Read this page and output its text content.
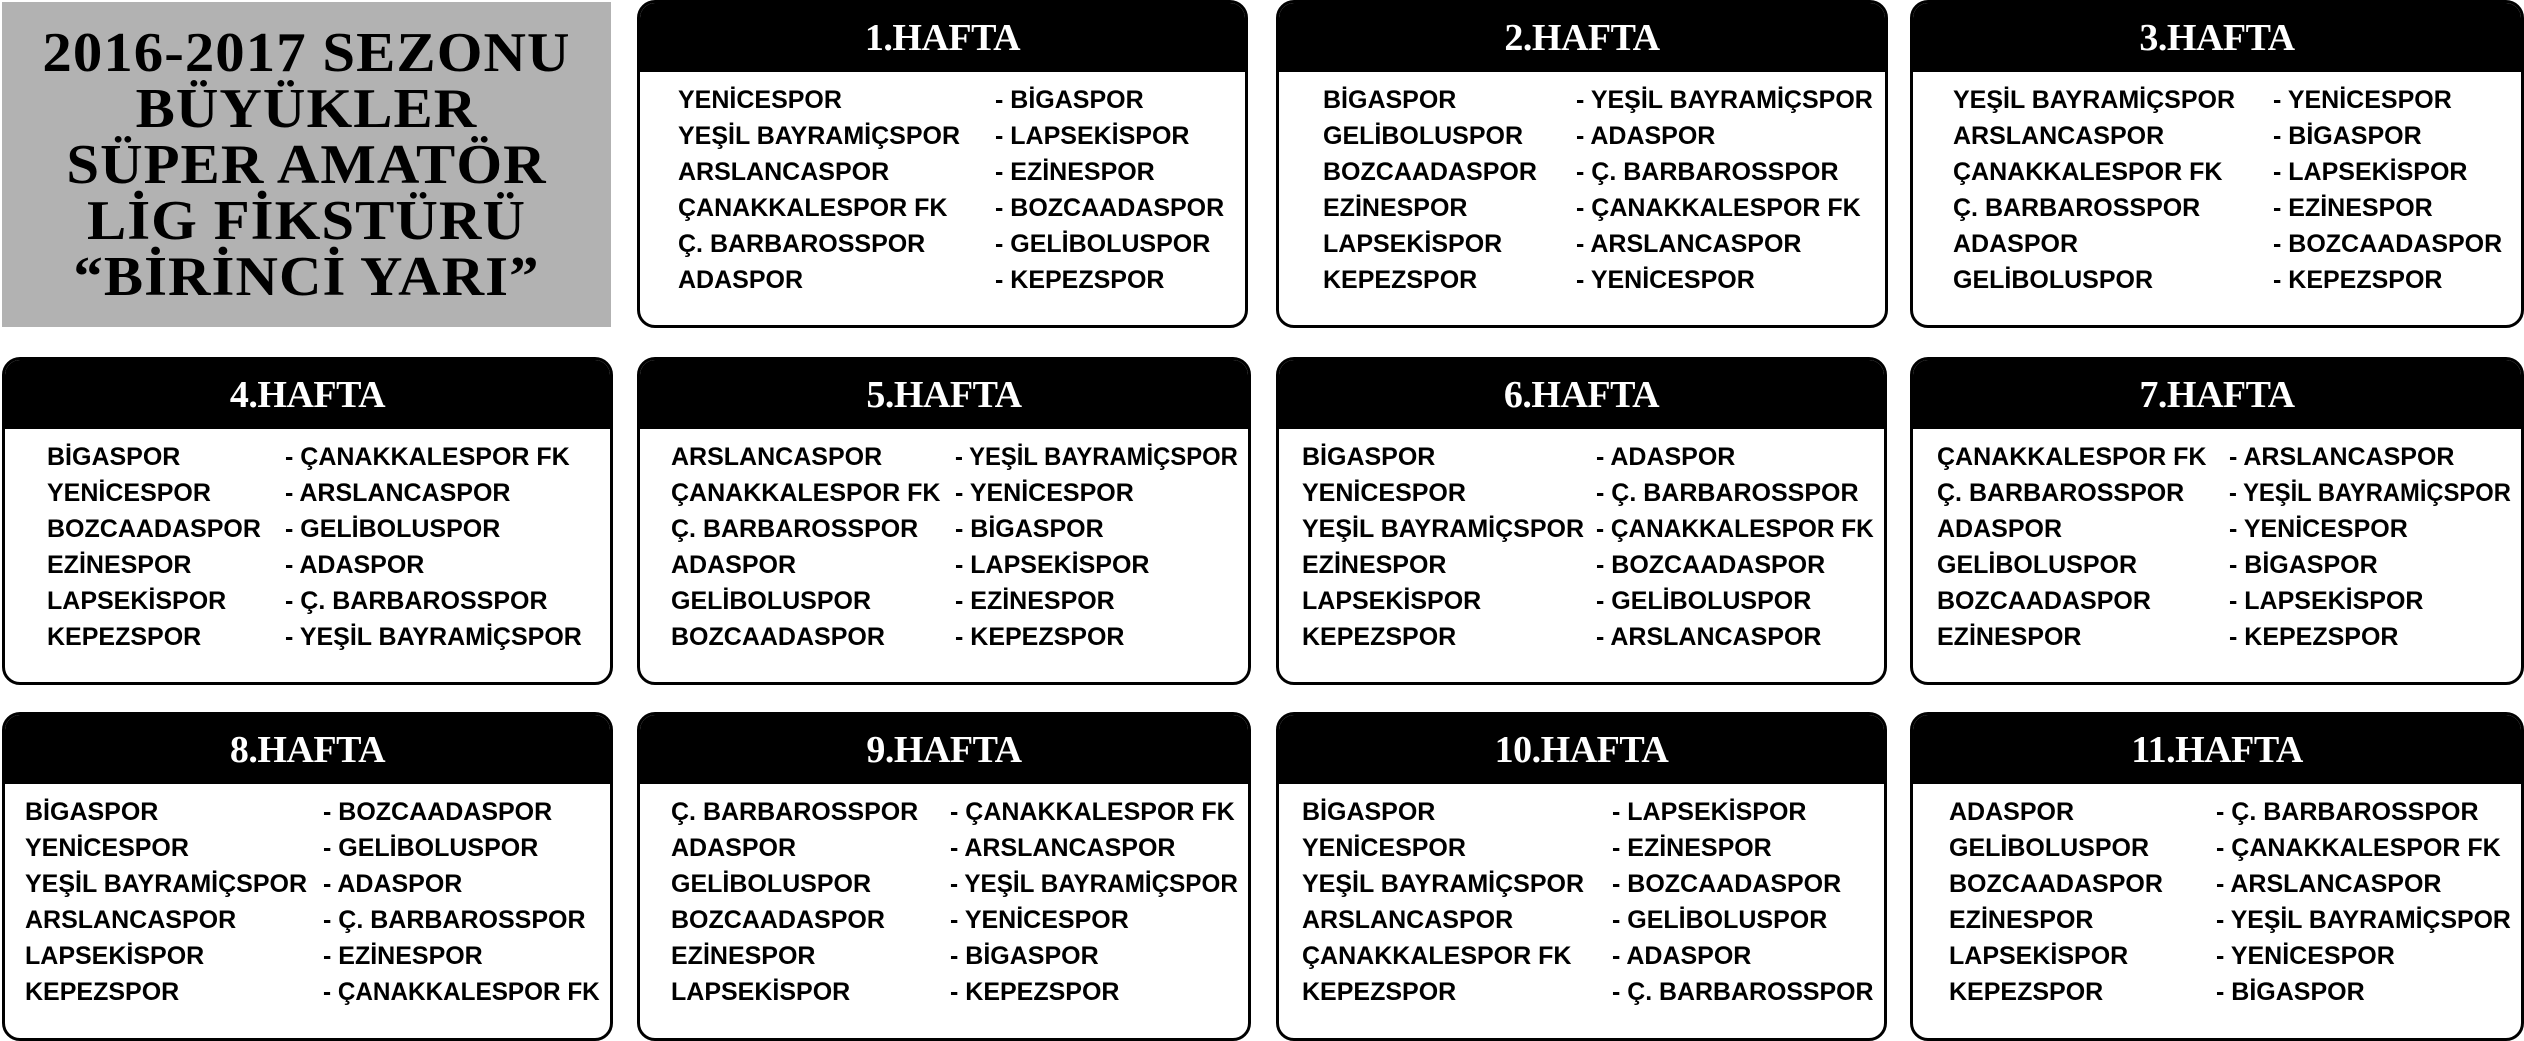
2016-2017 SEZONU
BÜYÜKLER
SÜPER AMATÖR
LİG FİKSTÜRÜ
“BİRİNCİ YARI”
1.HAFTA
YENİCESPOR	- BİGASPOR
YEŞİL BAYRAMİÇSPOR - LAPSEKİSPOR
ARSLANCASPOR	- EZİNESPOR
ÇANAKKALESPOR FK - BOZCAADASPOR
Ç. BARBAROSSPOR	- GELİBOLUSPOR
ADASPOR	- KEPEZSPOR
2.HAFTA
BİGASPOR	- YEŞİL BAYRAMİÇSPOR
GELİBOLUSPOR - ADASPOR
BOZCAADASPOR - Ç. BARBAROSSPOR
EZİNESPOR	- ÇANAKKALESPOR FK
LAPSEKİSPOR	- ARSLANCASPOR
KEPEZSPOR	- YENİCESPOR
3.HAFTA
YEŞİL BAYRAMİÇSPOR - YENİCESPOR
ARSLANCASPOR	- BİGASPOR
ÇANAKKALESPOR FK - LAPSEKİSPOR
Ç. BARBAROSSPOR	- EZİNESPOR
ADASPOR	- BOZCAADASPOR
GELİBOLUSPOR	- KEPEZSPOR
4.HAFTA
BİGASPOR	- ÇANAKKALESPOR FK
YENİCESPOR	- ARSLANCASPOR
BOZCAADASPOR - GELİBOLUSPOR
EZİNESPOR	- ADASPOR
LAPSEKİSPOR - Ç. BARBAROSSPOR
KEPEZSPOR	- YEŞİL BAYRAMİÇSPOR
5.HAFTA
ARSLANCASPOR	- YEŞİL BAYRAMİÇSPOR
ÇANAKKALESPOR FK - YENİCESPOR
Ç. BARBAROSSPOR - BİGASPOR
ADASPOR	- LAPSEKİSPOR
GELİBOLUSPOR	- EZİNESPOR
BOZCAADASPOR	- KEPEZSPOR
6.HAFTA
BİGASPOR	- ADASPOR
YENİCESPOR	- Ç. BARBAROSSPOR
YEŞİL BAYRAMİÇSPOR - ÇANAKKALESPOR FK
EZİNESPOR	- BOZCAADASPOR
LAPSEKİSPOR	- GELİBOLUSPOR
KEPEZSPOR	- ARSLANCASPOR
7.HAFTA
ÇANAKKALESPOR FK - ARSLANCASPOR
Ç. BARBAROSSPOR - YEŞİL BAYRAMİÇSPOR
ADASPOR	- YENİCESPOR
GELİBOLUSPOR	- BİGASPOR
BOZCAADASPOR	- LAPSEKİSPOR
EZİNESPOR	- KEPEZSPOR
8.HAFTA
BİGASPOR	- BOZCAADASPOR
YENİCESPOR	- GELİBOLUSPOR
YEŞİL BAYRAMİÇSPOR - ADASPOR
ARSLANCASPOR	- Ç. BARBAROSSPOR
LAPSEKİSPOR	- EZİNESPOR
KEPEZSPOR	- ÇANAKKALESPOR FK
9.HAFTA
Ç. BARBAROSSPOR - ÇANAKKALESPOR FK
ADASPOR	- ARSLANCASPOR
GELİBOLUSPOR	- YEŞİL BAYRAMİÇSPOR
BOZCAADASPOR	- YENİCESPOR
EZİNESPOR	- BİGASPOR
LAPSEKİSPOR	- KEPEZSPOR
10.HAFTA
BİGASPOR	- LAPSEKİSPOR
YENİCESPOR	- EZİNESPOR
YEŞİL BAYRAMİÇSPOR - BOZCAADASPOR
ARSLANCASPOR	- GELİBOLUSPOR
ÇANAKKALESPOR FK - ADASPOR
KEPEZSPOR	- Ç. BARBAROSSPOR
11.HAFTA
ADASPOR	- Ç. BARBAROSSPOR
GELİBOLUSPOR	- ÇANAKKALESPOR FK
BOZCAADASPOR - ARSLANCASPOR
EZİNESPOR	- YEŞİL BAYRAMİÇSPOR
LAPSEKİSPOR	- YENİCESPOR
KEPEZSPOR	- BİGASPOR
